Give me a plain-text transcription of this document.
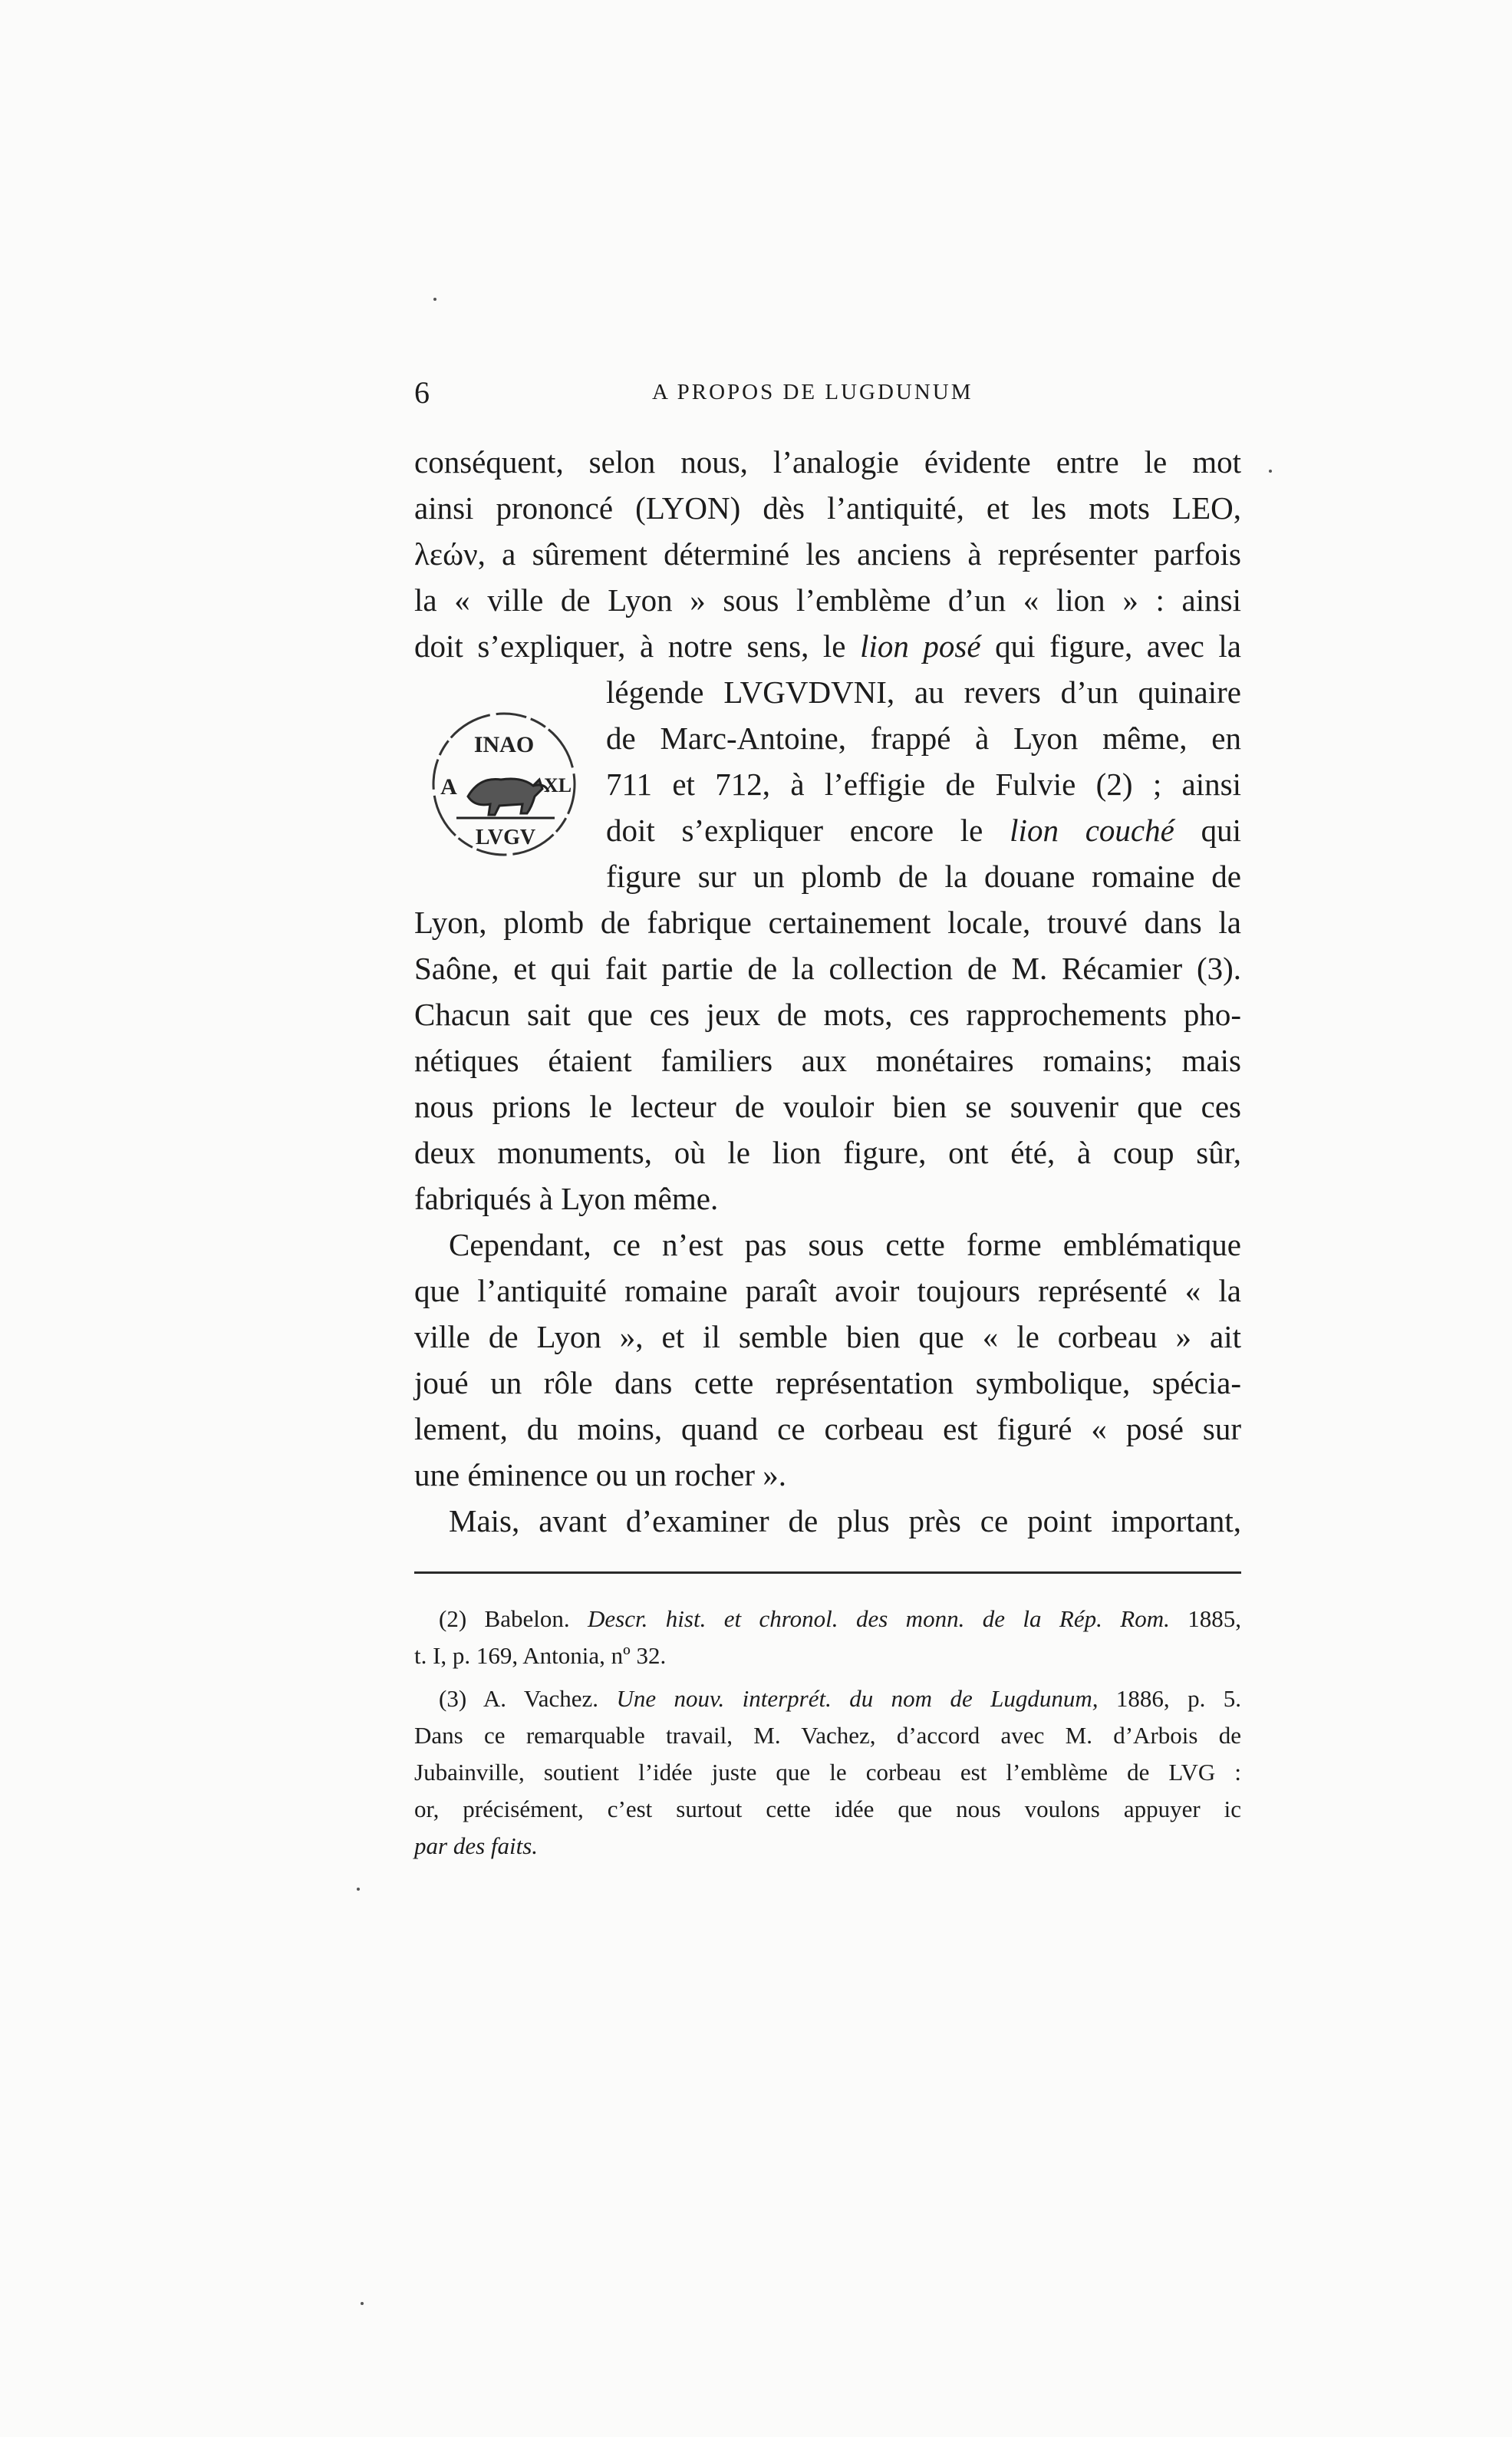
6	A PROPOS DE LUGDUNUM
conséquent, selon nous, l’analogie évidente entre le mot
ainsi prononcé (LYON) dès l’antiquité, et les mots LEO,
λεών, a sûrement déterminé les anciens à représenter parfois
la « ville de Lyon » sous l’emblème d’un « lion » : ainsi
doit s’expliquer, à notre sens, le lion posé qui figure, avec la
légende LVGVDVNI, au revers d’un quinaire
de Marc-Antoine, frappé à Lyon même, en
711 et 712, à l’effigie de Fulvie (2) ; ainsi
doit s’expliquer encore le lion couché qui
figure sur un plomb de la douane romaine de
INAO
A	XL
LVGV
Lyon, plomb de fabrique certainement locale, trouvé dans la
Saône, et qui fait partie de la collection de M. Récamier (3).
Chacun sait que ces jeux de mots, ces rapprochements pho-
nétiques étaient familiers aux monétaires romains; mais
nous prions le lecteur de vouloir bien se souvenir que ces
deux monuments, où le lion figure, ont été, à coup sûr,
fabriqués à Lyon même.
Cependant, ce n’est pas sous cette forme emblématique
que l’antiquité romaine paraît avoir toujours représenté « la
ville de Lyon », et il semble bien que « le corbeau » ait
joué un rôle dans cette représentation symbolique, spécia-
lement, du moins, quand ce corbeau est figuré « posé sur
une éminence ou un rocher ».
Mais, avant d’examiner de plus près ce point important,
(2) Babelon. Descr. hist. et chronol. des monn. de la Rép. Rom. 1885,
t. I, p. 169, Antonia, nº 32.
(3) A. Vachez. Une nouv. interprét. du nom de Lugdunum, 1886, p. 5.
Dans ce remarquable travail, M. Vachez, d’accord avec M. d’Arbois de
Jubainville, soutient l’idée juste que le corbeau est l’emblème de LVG :
or, précisément, c’est surtout cette idée que nous voulons appuyer ic
par des faits.
